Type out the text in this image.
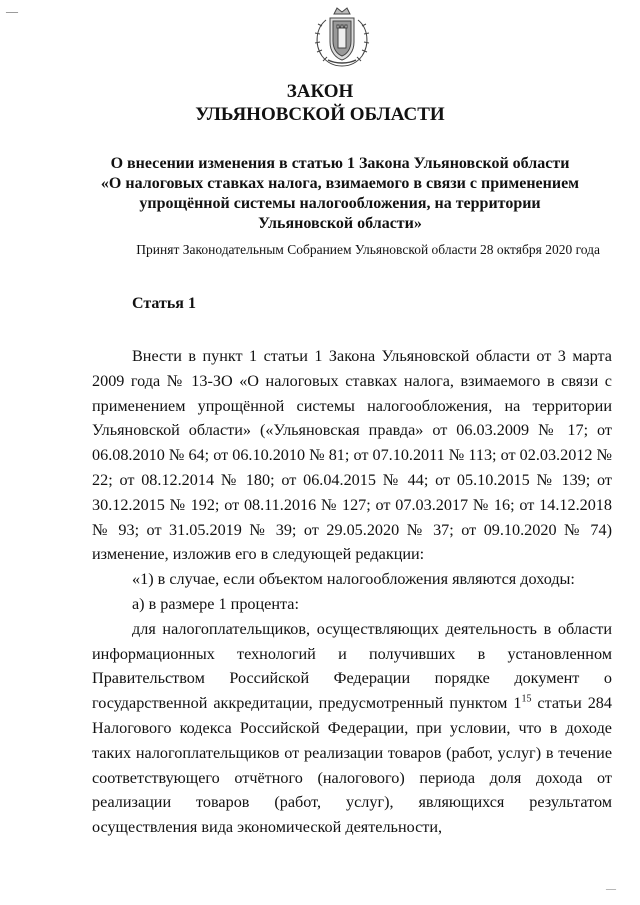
—
ЗАКОН
УЛЬЯНОВСКОЙ ОБЛАСТИ
О внесении изменения в статью 1 Закона Ульяновской области
«О налоговых ставках налога, взимаемого в связи с применением
упрощённой системы налогообложения, на территории
Ульяновской области»
Принят Законодательным Собранием Ульяновской области 28 октября 2020 года
Статья 1

Внести в пункт 1 статьи 1 Закона Ульяновской области от 3 марта 2009 года № 13-ЗО «О налоговых ставках налога, взимаемого в связи с применением упрощённой системы налогообложения, на территории Ульяновской области» («Ульяновская правда» от 06.03.2009 № 17; от 06.08.2010 № 64; от 06.10.2010 № 81; от 07.10.2011 № 113; от 02.03.2012 № 22; от 08.12.2014 № 180; от 06.04.2015 № 44; от 05.10.2015 № 139; от 30.12.2015 № 192; от 08.11.2016 № 127; от 07.03.2017 № 16; от 14.12.2018 № 93; от 31.05.2019 № 39; от 29.05.2020 № 37; от 09.10.2020 № 74) изменение, изложив его в следующей редакции:

«1) в случае, если объектом налогообложения являются доходы:

а) в размере 1 процента:

для налогоплательщиков, осуществляющих деятельность в области информационных технологий и получивших в установленном Правительством Российской Федерации порядке документ о государственной аккредитации, предусмотренный пунктом $1^{15}$ статьи 284 Налогового кодекса Российской Федерации, при условии, что в доходе таких налогоплательщиков от реализации товаров (работ, услуг) в течение соответствующего отчётного (налогового) периода доля дохода от реализации товаров (работ, услуг), являющихся результатом осуществления вида экономической деятельности,

—
